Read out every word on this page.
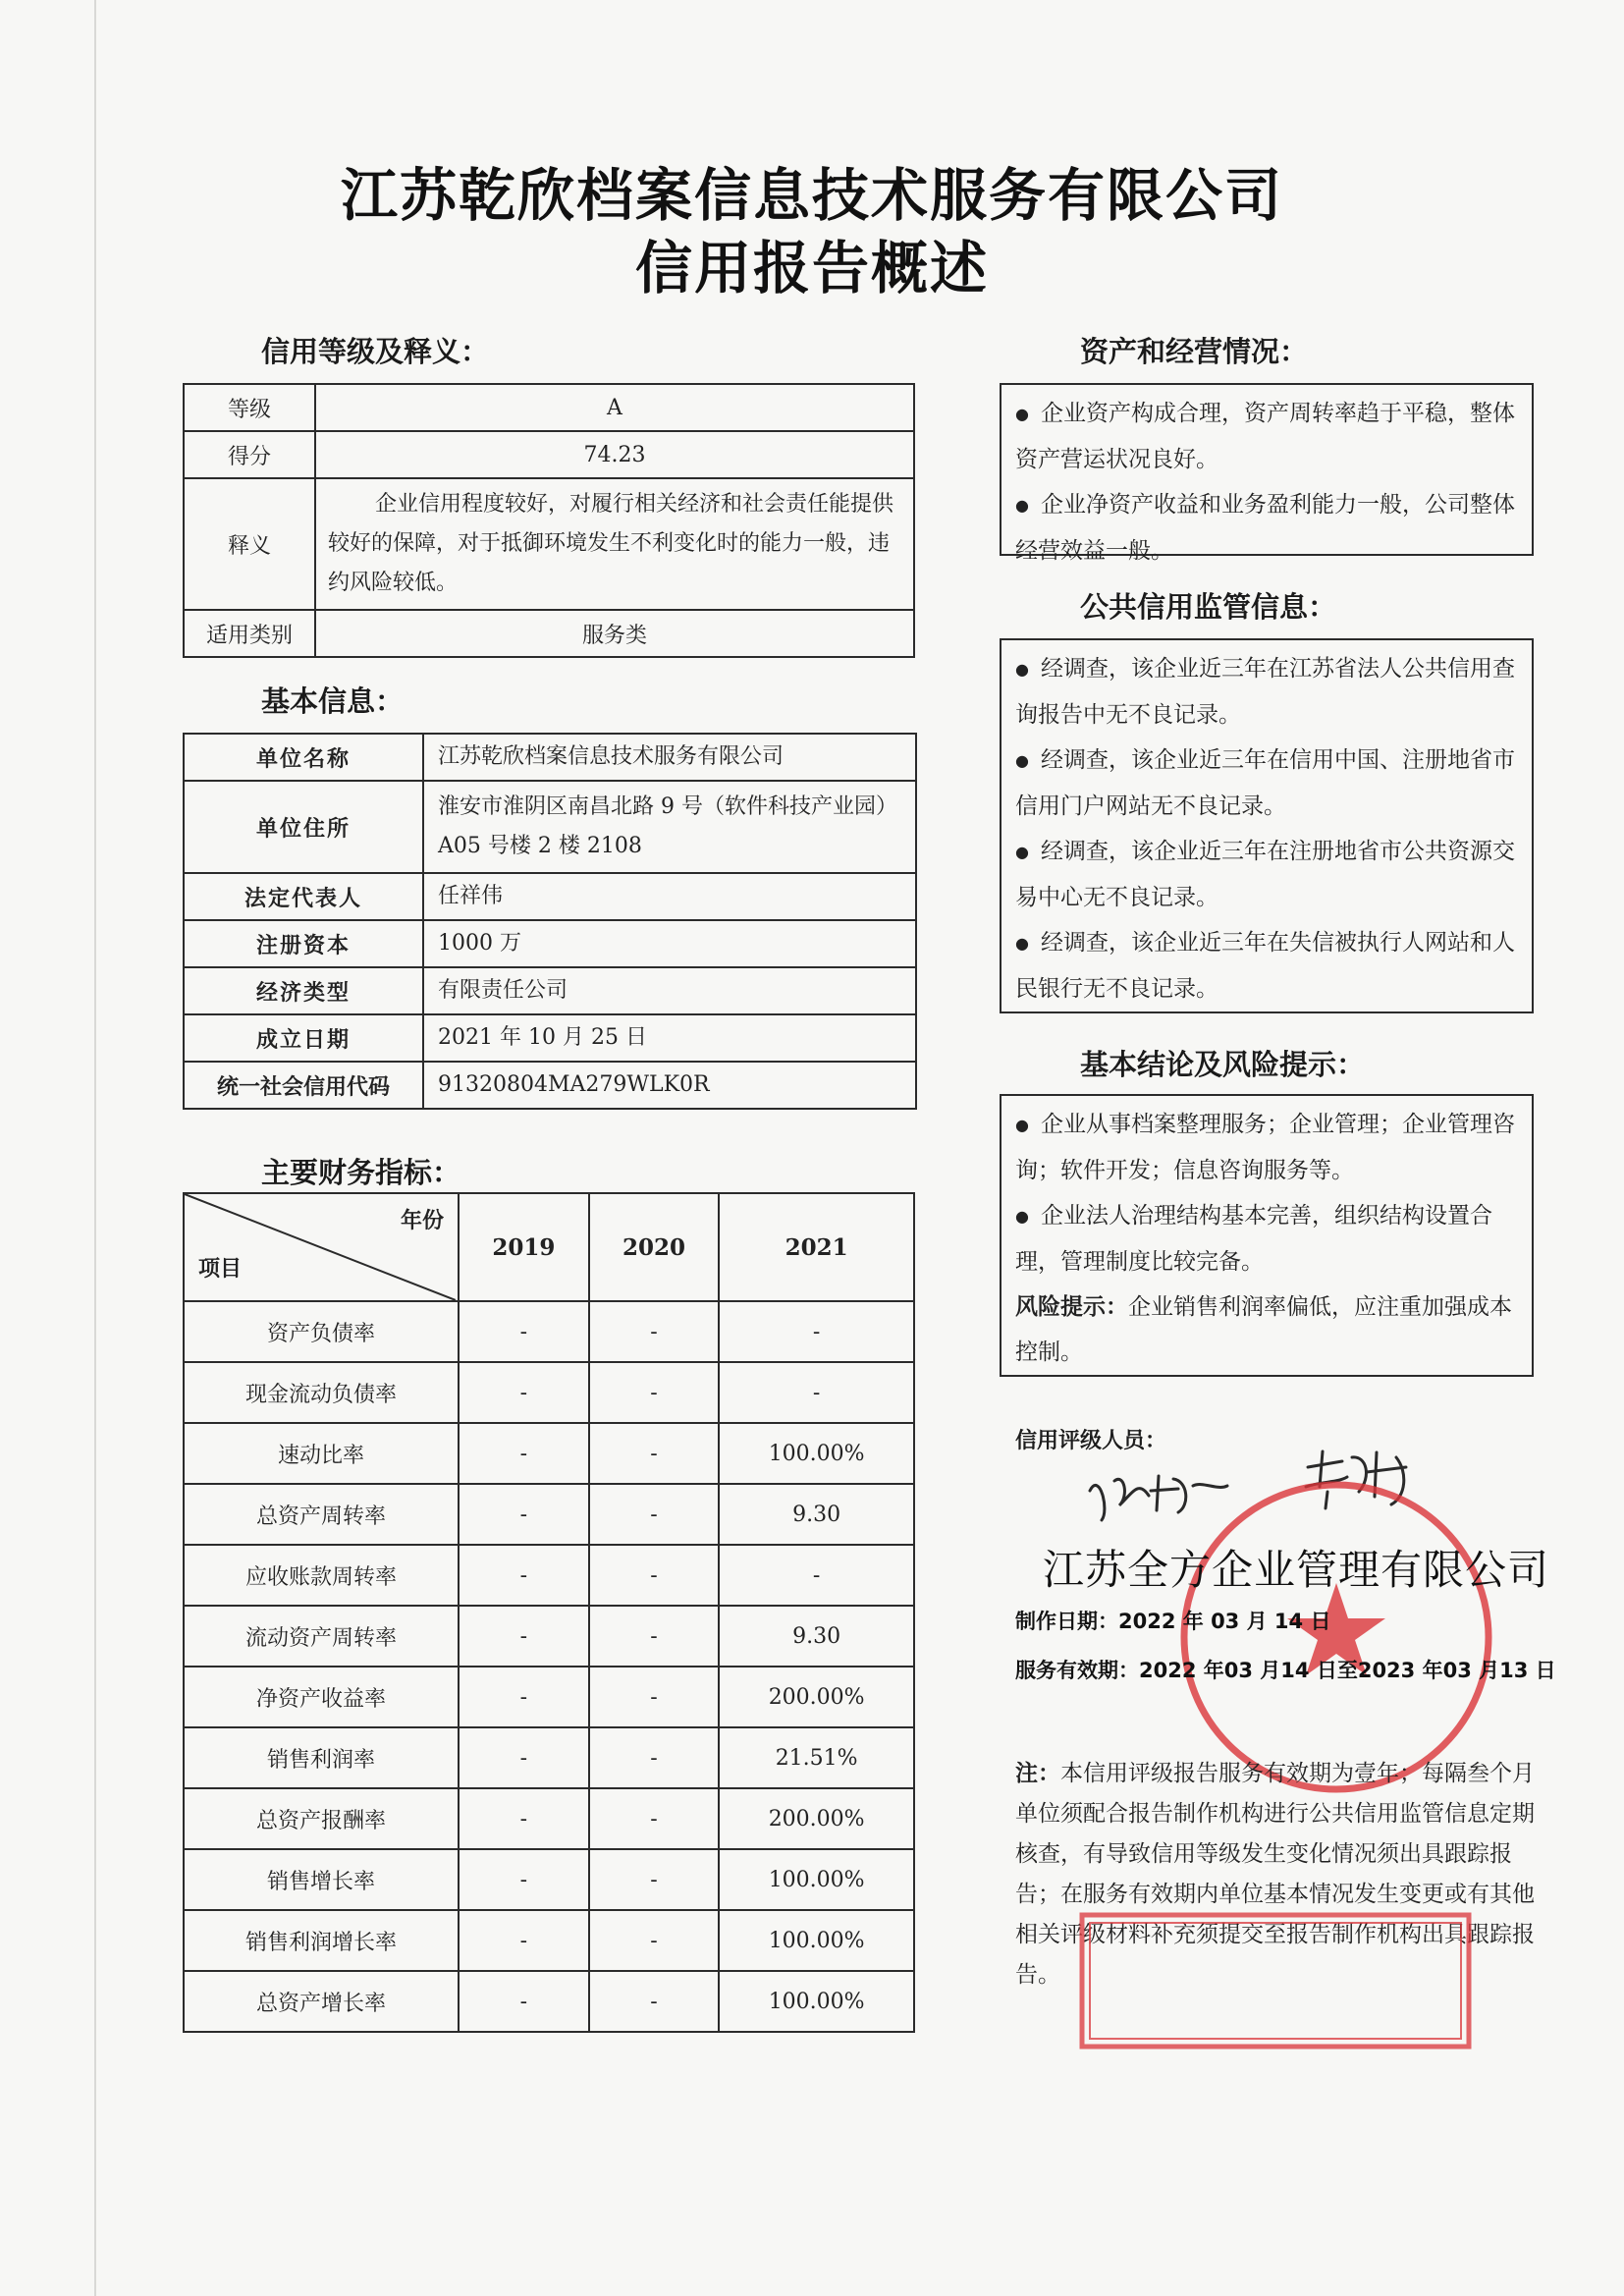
江苏乾欣档案信息技术服务有限公司
信用报告概述
信用等级及释义：
等级	A
得分	74.23
释义	企业信用程度较好，对履行相关经济和社会责任能提供较好的保障，对于抵御环境发生不利变化时的能力一般，违约风险较低。
适用类别	服务类
基本信息：
单位名称	江苏乾欣档案信息技术服务有限公司
单位住所	淮安市淮阴区南昌北路 9 号（软件科技产业园）A05 号楼 2 楼 2108
法定代表人	任祥伟
注册资本	1000 万
经济类型	有限责任公司
成立日期	2021 年 10 月 25 日
统一社会信用代码	91320804MA279WLK0R
主要财务指标：
年份
项目	2019	2020	2021
资产负债率	-	-	-
现金流动负债率	-	-	-
速动比率	-	-	100.00%
总资产周转率	-	-	9.30
应收账款周转率	-	-	-
流动资产周转率	-	-	9.30
净资产收益率	-	-	200.00%
销售利润率	-	-	21.51%
总资产报酬率	-	-	200.00%
销售增长率	-	-	100.00%
销售利润增长率	-	-	100.00%
总资产增长率	-	-	100.00%
资产和经营情况：

● 企业资产构成合理，资产周转率趋于平稳，整体资产营运状况良好。

● 企业净资产收益和业务盈利能力一般，公司整体经营效益一般。

公共信用监管信息：

● 经调查，该企业近三年在江苏省法人公共信用查询报告中无不良记录。

● 经调查，该企业近三年在信用中国、注册地省市信用门户网站无不良记录。

● 经调查，该企业近三年在注册地省市公共资源交易中心无不良记录。

● 经调查，该企业近三年在失信被执行人网站和人民银行无不良记录。

基本结论及风险提示：

● 企业从事档案整理服务；企业管理；企业管理咨询；软件开发；信息咨询服务等。

● 企业法人治理结构基本完善，组织结构设置合理，管理制度比较完备。

风险提示：企业销售利润率偏低，应注重加强成本控制。

信用评级人员：
江苏全方企业管理有限公司
制作日期：2022 年 03 月 14 日
服务有效期：2022 年03 月14 日至2023 年03 月13 日
注：本信用评级报告服务有效期为壹年；每隔叁个月单位须配合报告制作机构进行公共信用监管信息定期核查，有导致信用等级发生变化情况须出具跟踪报告；在服务有效期内单位基本情况发生变更或有其他相关评级材料补充须提交至报告制作机构出具跟踪报告。
